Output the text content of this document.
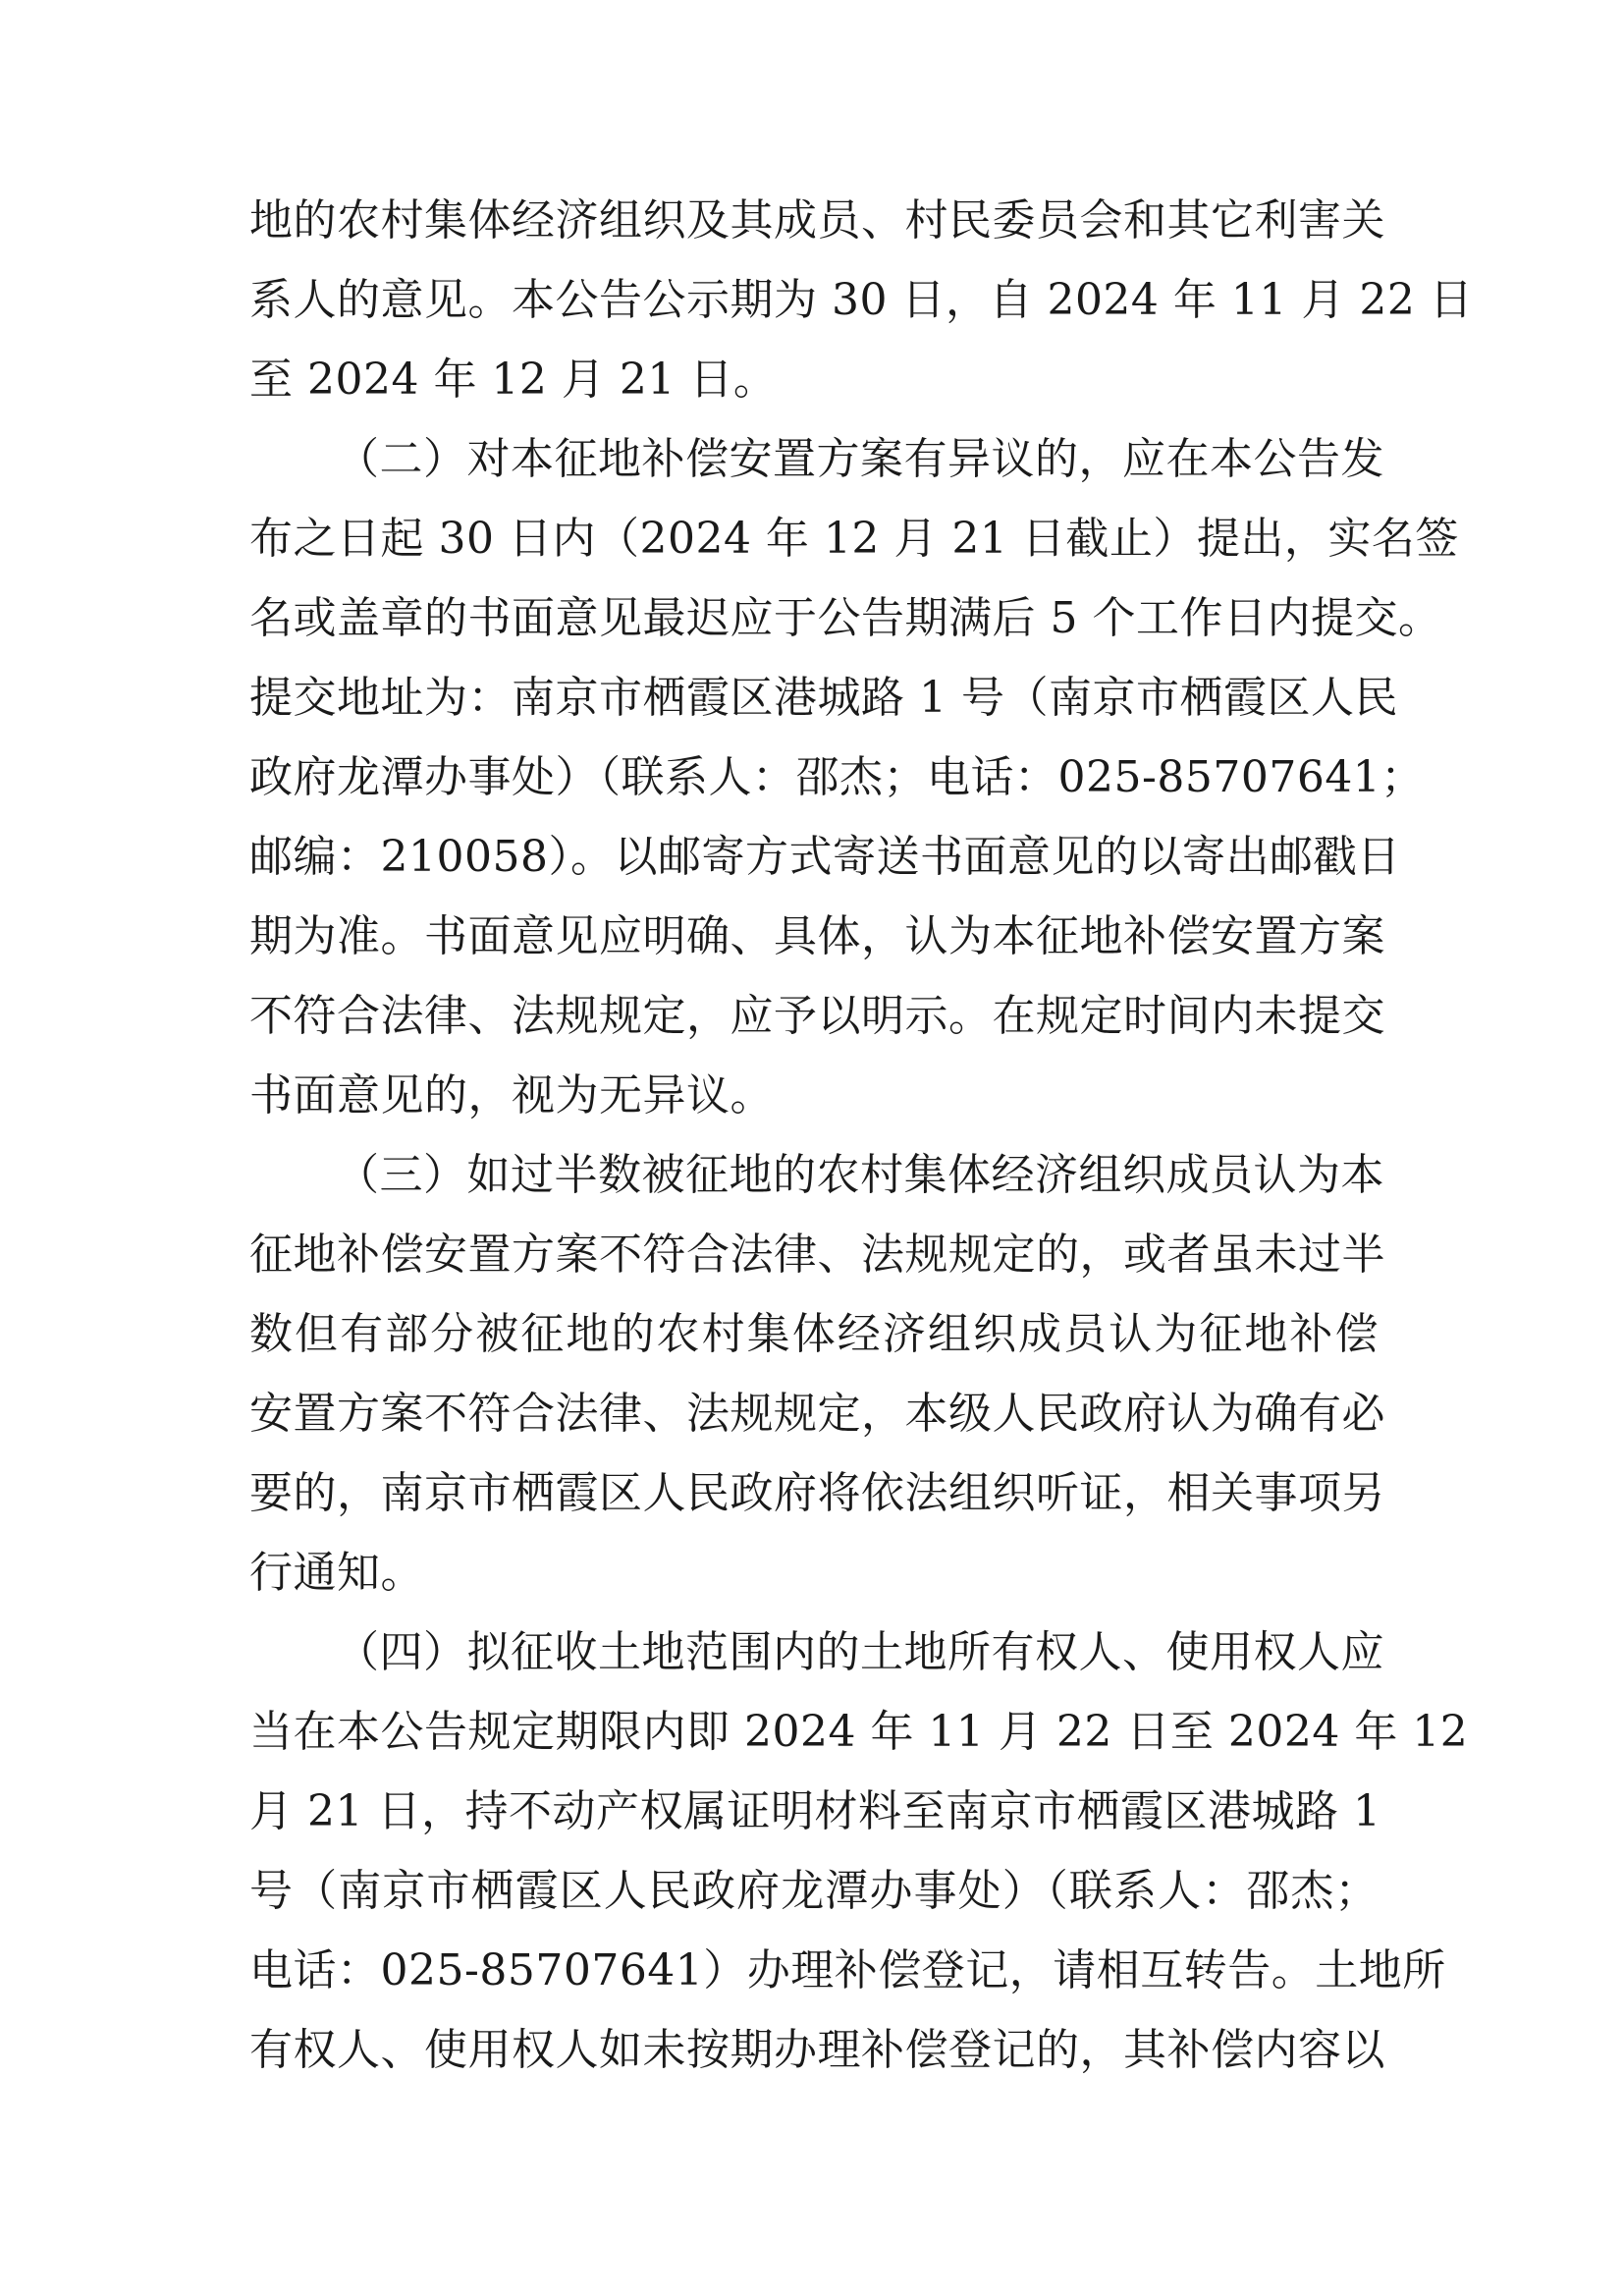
地的农村集体经济组织及其成员、村民委员会和其它利害关
系人的意见。本公告公示期为 30 日，自 2024 年 11 月 22 日
至 2024 年 12 月 21 日。
（二）对本征地补偿安置方案有异议的，应在本公告发
布之日起 30 日内（2024 年 12 月 21 日截止）提出，实名签
名或盖章的书面意见最迟应于公告期满后 5 个工作日内提交。
提交地址为：南京市栖霞区港城路 1 号（南京市栖霞区人民
政府龙潭办事处）（联系人：邵杰；电话：025-85707641；
邮编：210058）。以邮寄方式寄送书面意见的以寄出邮戳日
期为准。书面意见应明确、具体，认为本征地补偿安置方案
不符合法律、法规规定，应予以明示。在规定时间内未提交
书面意见的，视为无异议。
（三）如过半数被征地的农村集体经济组织成员认为本
征地补偿安置方案不符合法律、法规规定的，或者虽未过半
数但有部分被征地的农村集体经济组织成员认为征地补偿
安置方案不符合法律、法规规定，本级人民政府认为确有必
要的，南京市栖霞区人民政府将依法组织听证，相关事项另
行通知。
（四）拟征收土地范围内的土地所有权人、使用权人应
当在本公告规定期限内即 2024 年 11 月 22 日至 2024 年 12
月 21 日，持不动产权属证明材料至南京市栖霞区港城路 1
号（南京市栖霞区人民政府龙潭办事处）（联系人：邵杰；
电话：025-85707641）办理补偿登记，请相互转告。土地所
有权人、使用权人如未按期办理补偿登记的，其补偿内容以
